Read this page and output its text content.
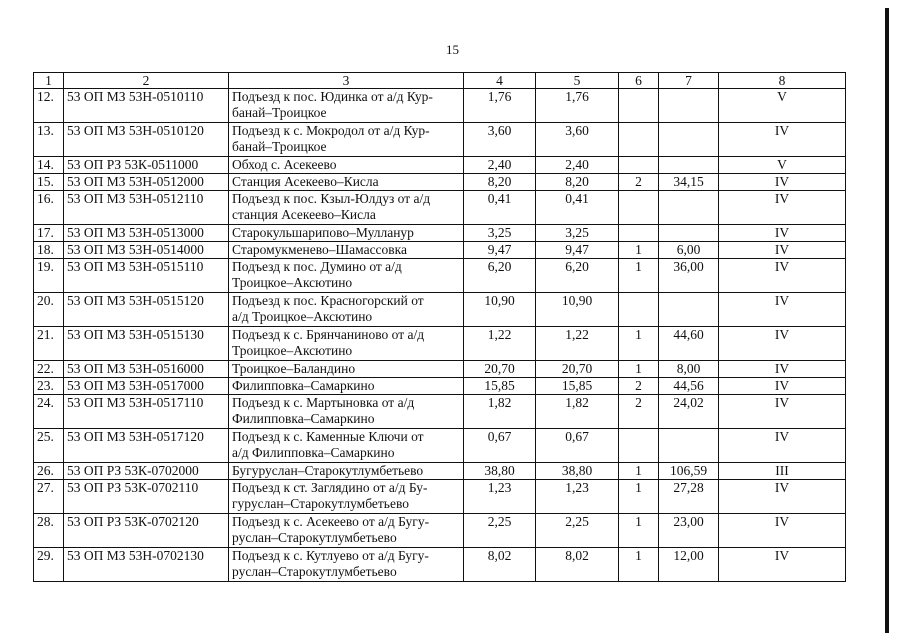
15
1	2	3	4	5	6	7	8
12.	53 ОП МЗ 53Н-0510110	Подъезд к пос. Юдинка от а/д Кур-
банай–Троицкое	1,76	1,76			V
13.	53 ОП МЗ 53Н-0510120	Подъезд к с. Мокродол от а/д Кур-
банай–Троицкое	3,60	3,60			IV
14.	53 ОП РЗ 53К-0511000	Обход с. Асекеево	2,40	2,40			V
15.	53 ОП МЗ 53Н-0512000	Станция Асекеево–Кисла	8,20	8,20	2	34,15	IV
16.	53 ОП МЗ 53Н-0512110	Подъезд к пос. Кзыл-Юлдуз от а/д
станция Асекеево–Кисла	0,41	0,41			IV
17.	53 ОП МЗ 53Н-0513000	Старокульшарипово–Мулланур	3,25	3,25			IV
18.	53 ОП МЗ 53Н-0514000	Старомукменево–Шамассовка	9,47	9,47	1	6,00	IV
19.	53 ОП МЗ 53Н-0515110	Подъезд к пос. Думино от а/д
Троицкое–Аксютино	6,20	6,20	1	36,00	IV
20.	53 ОП МЗ 53Н-0515120	Подъезд к пос. Красногорский от
а/д Троицкое–Аксютино	10,90	10,90			IV
21.	53 ОП МЗ 53Н-0515130	Подъезд к с. Брянчаниново от а/д
Троицкое–Аксютино	1,22	1,22	1	44,60	IV
22.	53 ОП МЗ 53Н-0516000	Троицкое–Баландино	20,70	20,70	1	8,00	IV
23.	53 ОП МЗ 53Н-0517000	Филипповка–Самаркино	15,85	15,85	2	44,56	IV
24.	53 ОП МЗ 53Н-0517110	Подъезд к с. Мартыновка от а/д
Филипповка–Самаркино	1,82	1,82	2	24,02	IV
25.	53 ОП МЗ 53Н-0517120	Подъезд к с. Каменные Ключи от
а/д Филипповка–Самаркино	0,67	0,67			IV
26.	53 ОП РЗ 53К-0702000	Бугуруслан–Старокутлумбетьево	38,80	38,80	1	106,59	III
27.	53 ОП РЗ 53К-0702110	Подъезд к ст. Заглядино от а/д Бу-
гуруслан–Старокутлумбетьево	1,23	1,23	1	27,28	IV
28.	53 ОП РЗ 53К-0702120	Подъезд к с. Асекеево от а/д Бугу-
руслан–Старокутлумбетьево	2,25	2,25	1	23,00	IV
29.	53 ОП МЗ 53Н-0702130	Подъезд к с. Кутлуево от а/д Бугу-
руслан–Старокутлумбетьево	8,02	8,02	1	12,00	IV
